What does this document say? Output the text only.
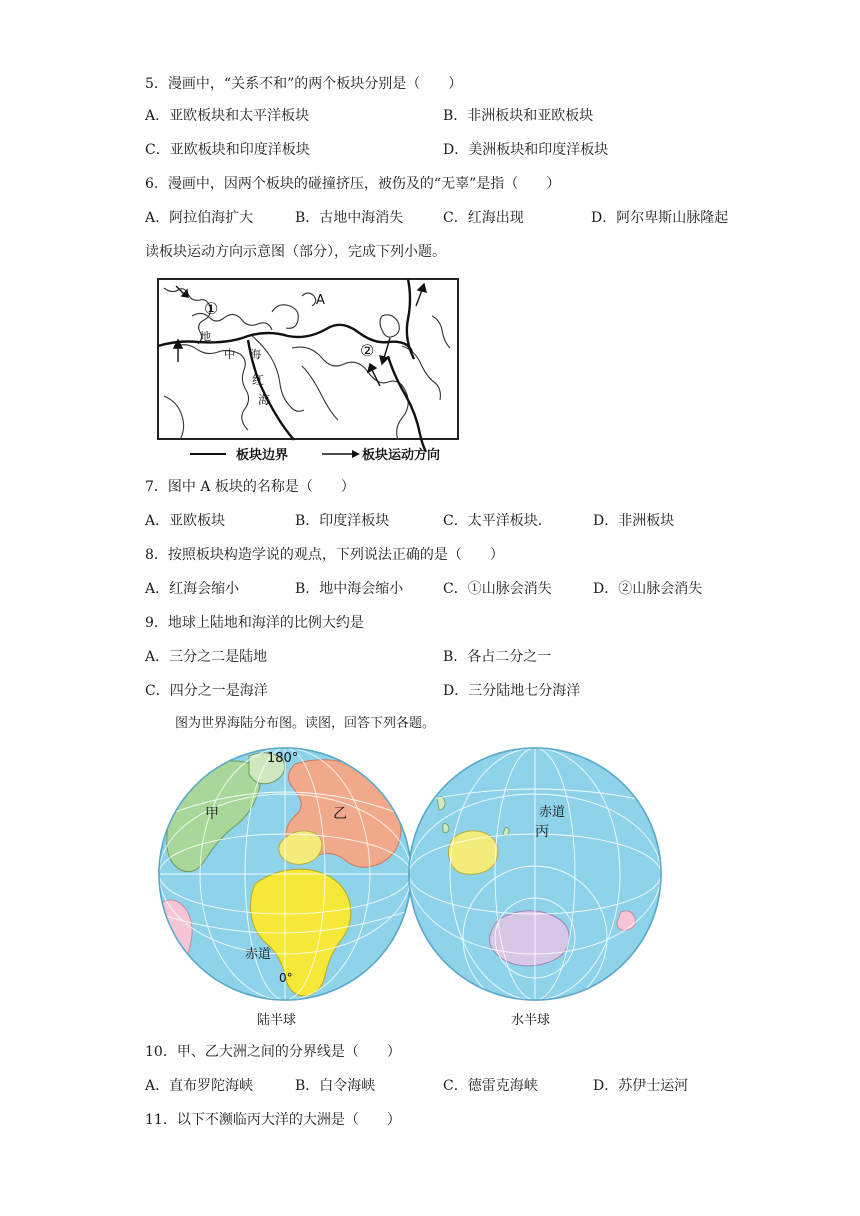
5．漫画中，“关系不和”的两个板块分别是（　　）
A．亚欧板块和太平洋板块	B．非洲板块和亚欧板块
C．亚欧板块和印度洋板块	D．美洲板块和印度洋板块
6．漫画中，因两个板块的碰撞挤压，被伤及的“无辜”是指（　　）
A．阿拉伯海扩大	B．古地中海消失	C．红海出现	D．阿尔卑斯山脉隆起
读板块运动方向示意图（部分），完成下列小题。
A
①
②
地
中 海
红
海
板块边界	板块运动方向
7．图中 A 板块的名称是（　　）
A．亚欧板块	B．印度洋板块	C．太平洋板块.	D．非洲板块
8．按照板块构造学说的观点，下列说法正确的是（　　）
A．红海会缩小	B．地中海会缩小	C．①山脉会消失	D．②山脉会消失
9．地球上陆地和海洋的比例大约是
A．三分之二是陆地	B．各占二分之一
C．四分之一是海洋	D．三分陆地七分海洋
图为世界海陆分布图。读图，回答下列各题。
180°
甲	乙
赤道
0°
赤道
丙
陆半球	水半球
10．甲、乙大洲之间的分界线是（　　）
A．直布罗陀海峡	B．白令海峡	C．德雷克海峡	D．苏伊士运河
11．以下不濒临丙大洋的大洲是（　　）
